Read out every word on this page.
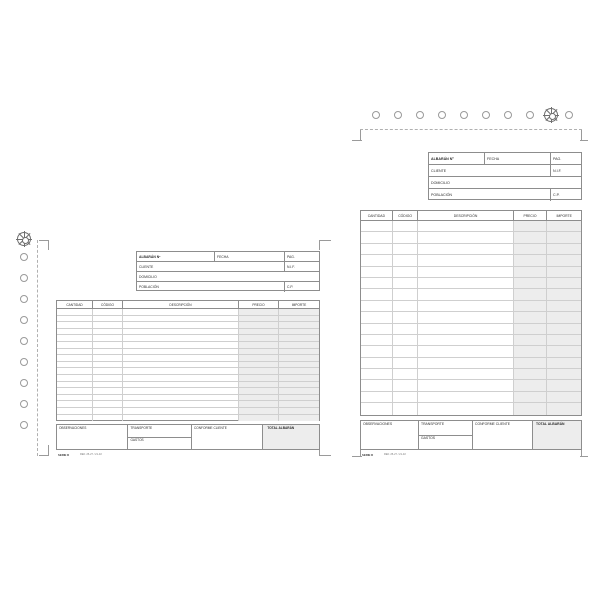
ALBARÁN Nº	FECHA	PAG.
CLIENTE	N.I.F.
DOMICILIO
POBLACIÓN	C.P.
CANTIDAD	CÓDIGO	DESCRIPCIÓN	PRECIO	IMPORTE
OBSERVACIONES	TRANSPORTE
GASTOS
CONFORME CLIENTE	TOTAL ALBARÁN
SERIE D	REF. 25-27 / 21-32
ALBARÁN Nº	FECHA	PAG.
CLIENTE	N.I.F.
DOMICILIO
POBLACIÓN	C.P.
CANTIDAD	CÓDIGO	DESCRIPCIÓN	PRECIO	IMPORTE
OBSERVACIONES	TRANSPORTE
GASTOS
CONFORME CLIENTE	TOTAL ALBARÁN
SERIE D	REF. 25-27 / 21-32
